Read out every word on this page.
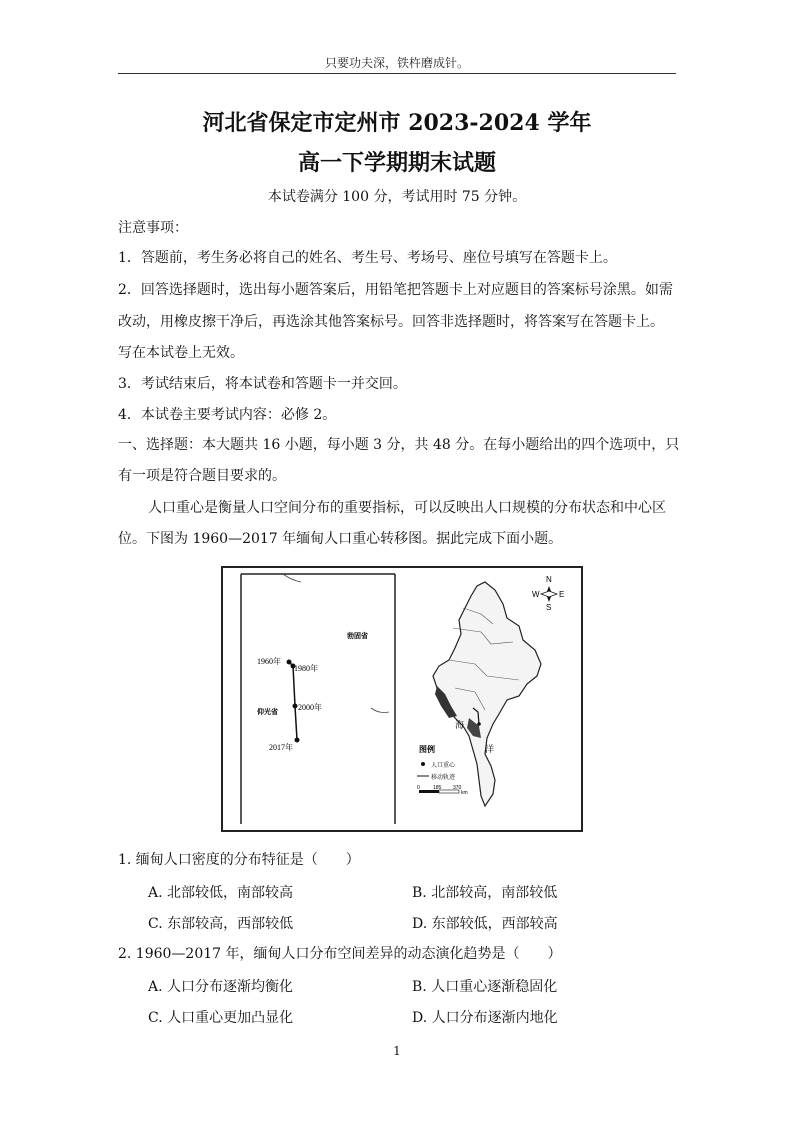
只要功夫深，铁杵磨成针。
河北省保定市定州市 2023-2024 学年
高一下学期期末试题
本试卷满分 100 分，考试用时 75 分钟。
注意事项：
1．答题前，考生务必将自己的姓名、考生号、考场号、座位号填写在答题卡上。
2．回答选择题时，选出每小题答案后，用铅笔把答题卡上对应题目的答案标号涂黑。如需
改动，用橡皮擦干净后，再选涂其他答案标号。回答非选择题时，将答案写在答题卡上。
写在本试卷上无效。
3．考试结束后，将本试卷和答题卡一并交回。
4．本试卷主要考试内容：必修 2。
一、选择题：本大题共 16 小题，每小题 3 分，共 48 分。在每小题给出的四个选项中，只
有一项是符合题目要求的。
人口重心是衡量人口空间分布的重要指标，可以反映出人口规模的分布状态和中心区
位。下图为 1960—2017 年缅甸人口重心转移图。据此完成下面小题。
1960年
1980年
2000年
2017年
勃固省
仰光省
海
洋
N
S
W E
图例
人口重心
移动轨迹
0	185 370
km
1. 缅甸人口密度的分布特征是（　　）
A. 北部较低，南部较高	B. 北部较高，南部较低
C. 东部较高，西部较低	D. 东部较低，西部较高
2. 1960—2017 年，缅甸人口分布空间差异的动态演化趋势是（　　）
A. 人口分布逐渐均衡化	B. 人口重心逐渐稳固化
C. 人口重心更加凸显化	D. 人口分布逐渐内地化
1
